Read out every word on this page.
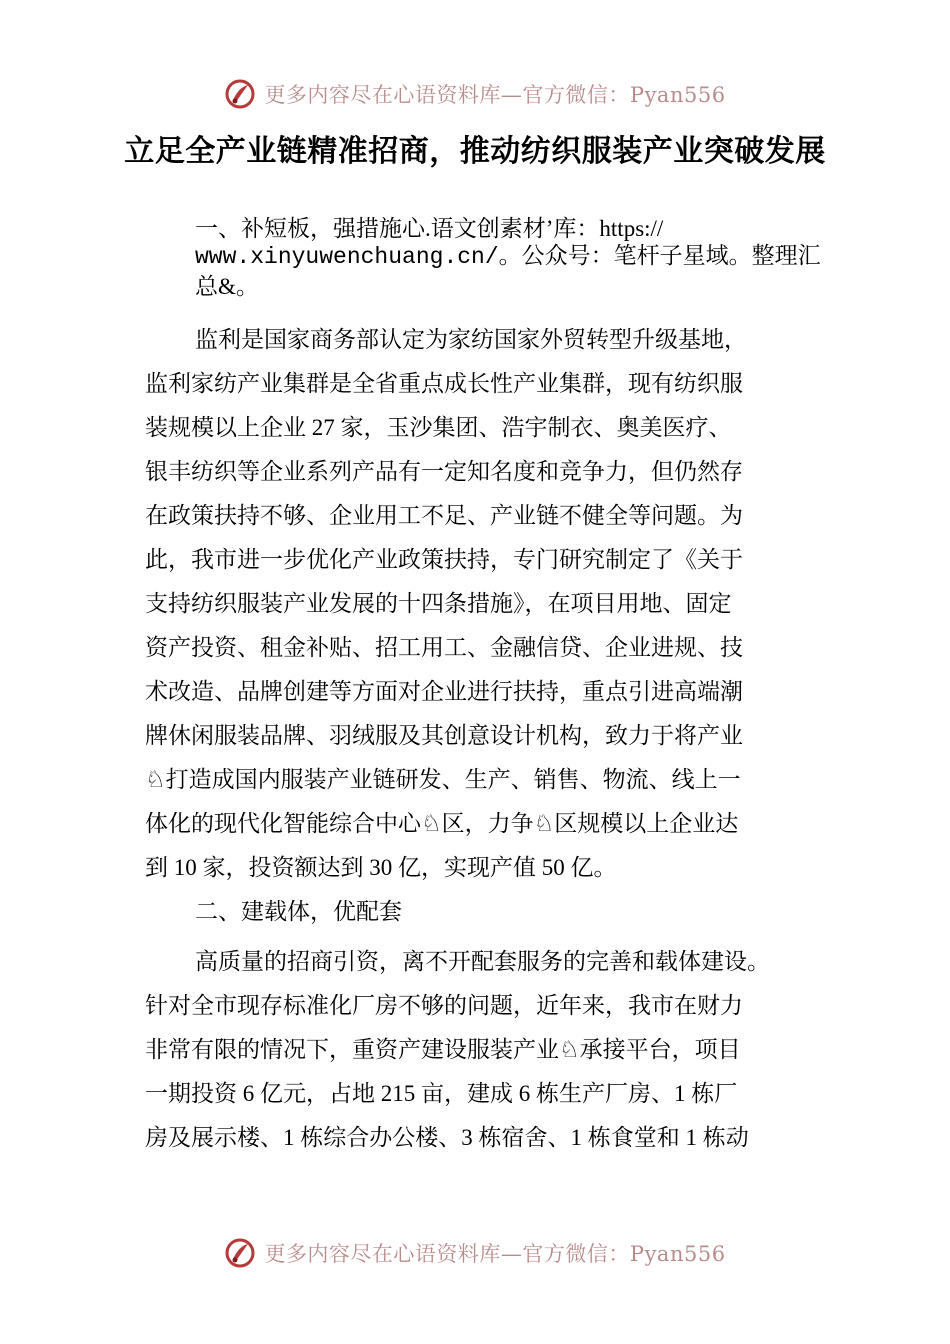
更多内容尽在心语资料库—官方微信：Pyan556
立足全产业链精准招商，推动纺织服装产业突破发展
一、补短板，强措施心.语文创素材’库：https://
www.xinyuwenchuang.cn/。公众号：笔杆子星域。整理汇
总&。
监利是国家商务部认定为家纺国家外贸转型升级基地，
监利家纺产业集群是全省重点成长性产业集群，现有纺织服
装规模以上企业 27 家，玉沙集团、浩宇制衣、奥美医疗、
银丰纺织等企业系列产品有一定知名度和竞争力，但仍然存
在政策扶持不够、企业用工不足、产业链不健全等问题。为
此，我市进一步优化产业政策扶持，专门研究制定了《关于
支持纺织服装产业发展的十四条措施》，在项目用地、固定
资产投资、租金补贴、招工用工、金融信贷、企业进规、技
术改造、品牌创建等方面对企业进行扶持，重点引进高端潮
牌休闲服装品牌、羽绒服及其创意设计机构，致力于将产业
♘打造成国内服装产业链研发、生产、销售、物流、线上一
体化的现代化智能综合中心♘区，力争♘区规模以上企业达
到 10 家，投资额达到 30 亿，实现产值 50 亿。
二、建载体，优配套
高质量的招商引资，离不开配套服务的完善和载体建设。
针对全市现存标准化厂房不够的问题，近年来，我市在财力
非常有限的情况下，重资产建设服装产业♘承接平台，项目
一期投资 6 亿元，占地 215 亩，建成 6 栋生产厂房、1 栋厂
房及展示楼、1 栋综合办公楼、3 栋宿舍、1 栋食堂和 1 栋动
更多内容尽在心语资料库—官方微信：Pyan556
